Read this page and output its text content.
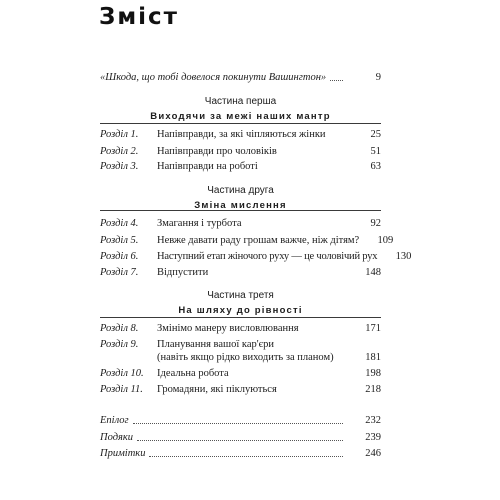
Зміст
«Шкода, що тобі довелося покинути Вашингтон»	9
Частина перша
Виходячи за межі наших мантр
Розділ 1.	Напівправди, за які чіпляються жінки	25
Розділ 2.	Напівправди про чоловіків	51
Розділ 3.	Напівправди на роботі	63
Частина друга
Зміна мислення
Розділ 4.	Змагання і турбота	92
Розділ 5.	Невже давати раду грошам важче, ніж дітям?	109
Розділ 6.	Наступний етап жіночого руху — це чоловічий рух	130
Розділ 7.	Відпустити	148
Частина третя
На шляху до рівності
Розділ 8.	Змінімо манеру висловлювання	171
Розділ 9.	Планування вашої кар'єри
(навіть якщо рідко виходить за планом)	181
Розділ 10.	Ідеальна робота	198
Розділ 11.	Громадяни, які піклуються	218
Епілог	232
Подяки	239
Примітки	246
